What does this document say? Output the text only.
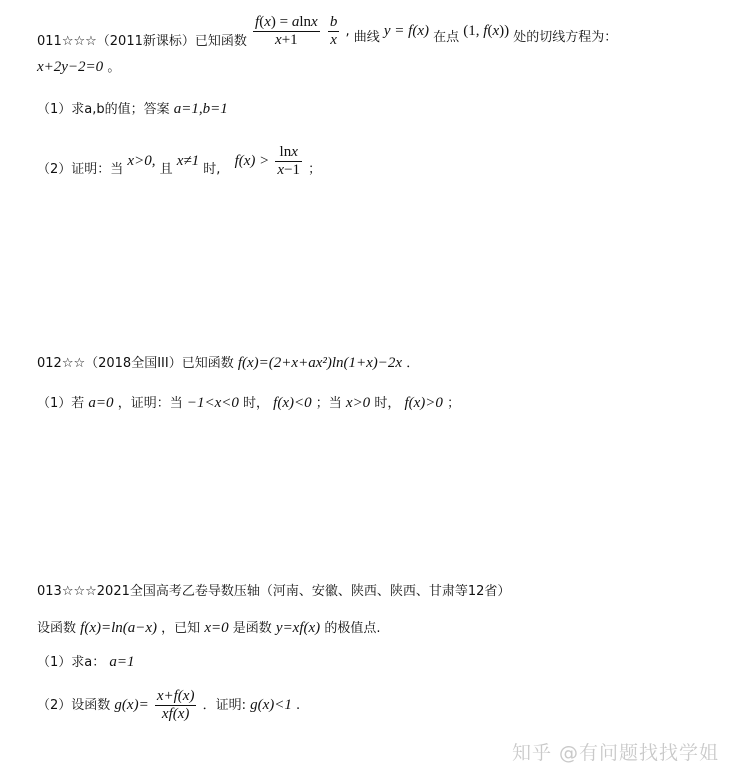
011☆☆☆（2011新课标）已知函数 $\frac{f(x) = alnx}{x+1}$
$\frac{b}{x}$ , 曲线 y = f(x) 在点 (1, f(x)) 处的切线方程为：
x+2y−2=0 。
（1）求a,b的值；答案 a=1,b=1
（2）证明：当 x>0, 且 x≠1 时, $f(x) > \frac{\ln x}{x-1}$ ；
012☆☆（2018全国III）已知函数 f(x)=(2+x+ax²)ln(1+x)−2x ．
（1）若 a=0 ，证明：当 −1<x<0 时， f(x)<0 ；当 x>0 时， f(x)>0 ；
013☆☆☆2021全国高考乙卷导数压轴（河南、安徽、陕西、陕西、甘肃等12省）
设函数 f(x)=ln(a−x) ，已知 x=0 是函数 y=xf(x) 的极值点.
（1）求a： a=1
（2）设函数 $g(x)= \frac{x+f(x)}{xf(x)}$ ．证明: g(x)<1 .
知乎 @有问题找找学姐
